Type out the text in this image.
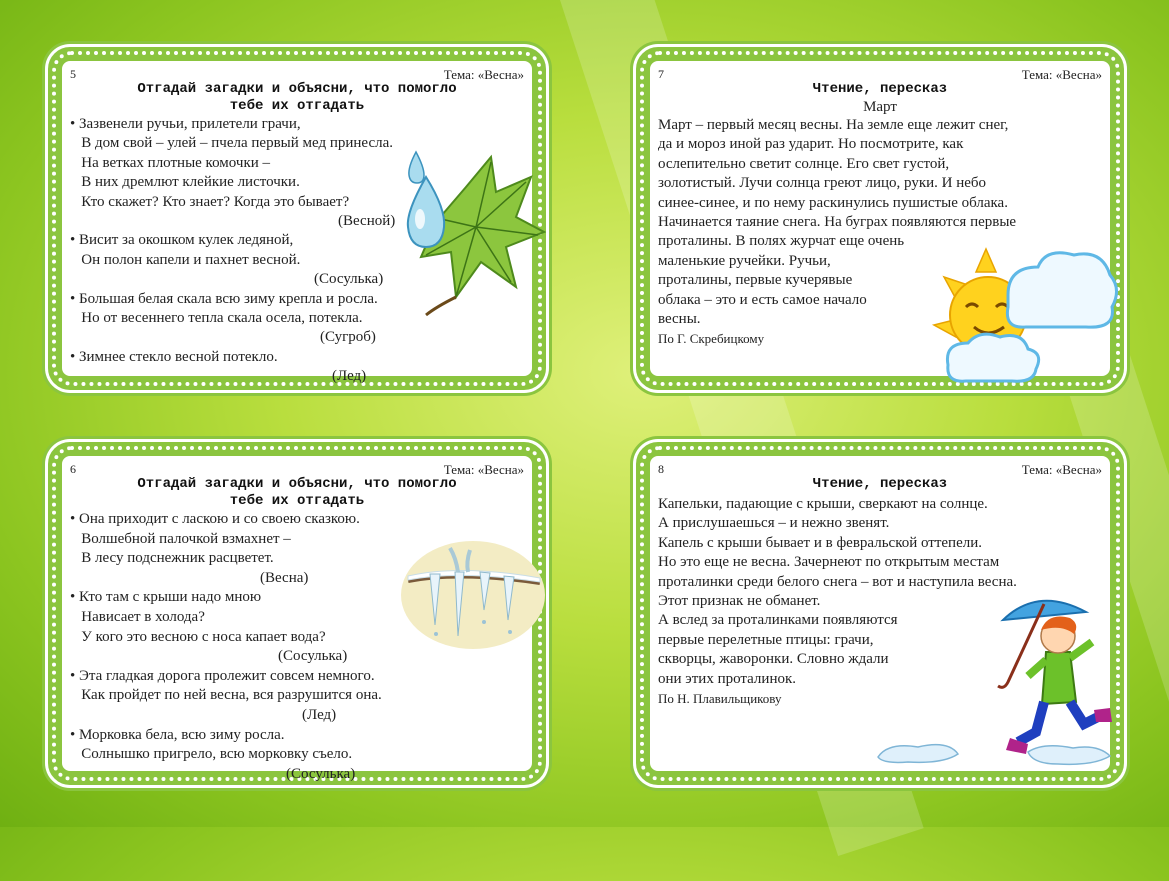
5	Тема: «Весна»
Отгадай загадки и объясни, что помогло
тебе их отгадать
• Зазвенели ручьи, прилетели грачи,
В дом свой – улей – пчела первый мед принесла.
На ветках плотные комочки –
В них дремлют клейкие листочки.
Кто скажет? Кто знает? Когда это бывает?
(Весной)
• Висит за окошком кулек ледяной,
Он полон капели и пахнет весной.
(Сосулька)
• Большая белая скала всю зиму крепла и росла.
Но от весеннего тепла скала осела, потекла.
(Сугроб)
• Зимнее стекло весной потекло.
(Лед)
7	Тема: «Весна»
Чтение, пересказ
Март
Март – первый месяц весны. На земле еще лежит снег,
да и мороз иной раз ударит. Но посмотрите, как
ослепительно светит солнце. Его свет густой,
золотистый. Лучи солнца греют лицо, руки. И небо
синее-синее, и по нему раскинулись пушистые облака.
Начинается таяние снега. На буграх появляются первые
проталины. В полях журчат еще очень
маленькие ручейки. Ручьи,
проталины, первые кучерявые
облака – это и есть самое начало
весны.
По Г. Скребицкому
6	Тема: «Весна»
Отгадай загадки и объясни, что помогло
тебе их отгадать
• Она приходит с ласкою и со своею сказкою.
Волшебной палочкой взмахнет –
В лесу подснежник расцветет.
(Весна)
• Кто там с крыши надо мною
Нависает в холода?
У кого это весною с носа капает вода?
(Сосулька)
• Эта гладкая дорога пролежит совсем немного.
Как пройдет по ней весна, вся разрушится она.
(Лед)
• Морковка бела, всю зиму росла.
Солнышко пригрело, всю морковку съело.
(Сосулька)
8	Тема: «Весна»
Чтение, пересказ
Капельки, падающие с крыши, сверкают на солнце.
А прислушаешься – и нежно звенят.
Капель с крыши бывает и в февральской оттепели.
Но это еще не весна. Зачернеют по открытым местам
проталинки среди белого снега – вот и наступила весна.
Этот признак не обманет.
А вслед за проталинками появляются
первые перелетные птицы: грачи,
скворцы, жаворонки. Словно ждали
они этих проталинок.
По Н. Плавильщикову
